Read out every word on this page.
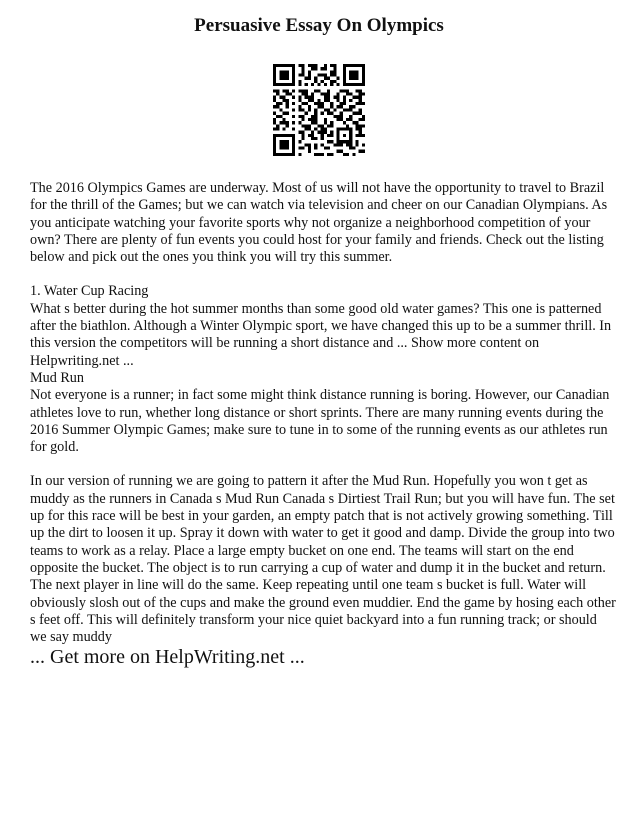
Persuasive Essay On Olympics

The 2016 Olympics Games are underway. Most of us will not have the opportunity to travel to Brazil for the thrill of the Games; but we can watch via television and cheer on our Canadian Olympians. As you anticipate watching your favorite sports why not organize a neighborhood competition of your own? There are plenty of fun events you could host for your family and friends. Check out the listing below and pick out the ones you think you will try this summer.

1. Water Cup Racing

What s better during the hot summer months than some good old water games? This one is patterned after the biathlon. Although a Winter Olympic sport, we have changed this up to be a summer thrill. In this version the competitors will be running a short distance and ... Show more content on Helpwriting.net ...

Mud Run

Not everyone is a runner; in fact some might think distance running is boring. However, our Canadian athletes love to run, whether long distance or short sprints. There are many running events during the 2016 Summer Olympic Games; make sure to tune in to some of the running events as our athletes run for gold.

In our version of running we are going to pattern it after the Mud Run. Hopefully you won t get as muddy as the runners in Canada s Mud Run Canada s Dirtiest Trail Run; but you will have fun. The set up for this race will be best in your garden, an empty patch that is not actively growing something. Till up the dirt to loosen it up. Spray it down with water to get it good and damp. Divide the group into two teams to work as a relay. Place a large empty bucket on one end. The teams will start on the end opposite the bucket. The object is to run carrying a cup of water and dump it in the bucket and return. The next player in line will do the same. Keep repeating until one team s bucket is full. Water will obviously slosh out of the cups and make the ground even muddier. End the game by hosing each other s feet off. This will definitely transform your nice quiet backyard into a fun running track; or should we say muddy

... Get more on HelpWriting.net ...
